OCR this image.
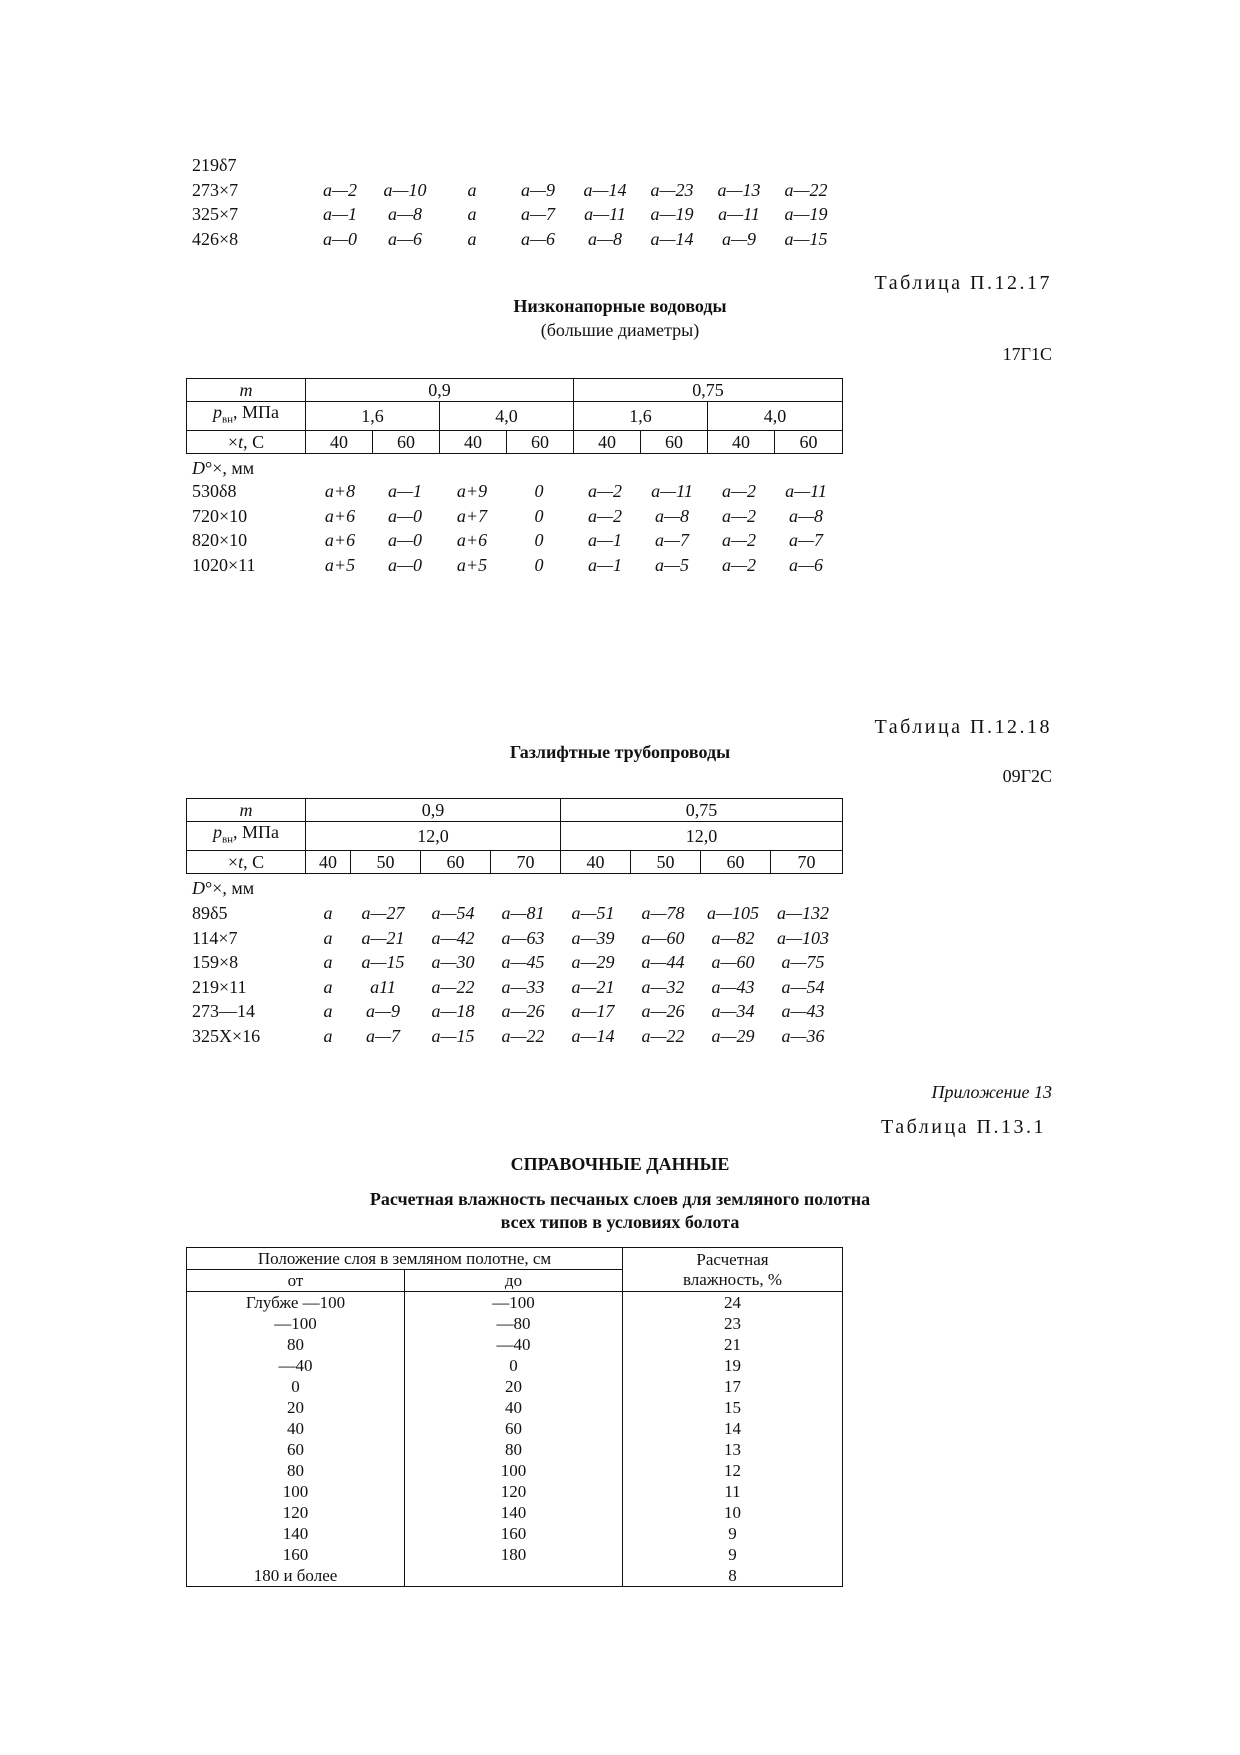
219δ7
273×7	a—2	a—10	a	a—9	a—14	a—23	a—13	a—22
325×7	a—1	a—8	a	a—7	a—11	a—19	a—11	a—19
426×8	a—0	a—6	a	a—6	a—8	a—14	a—9	a—15
Таблица П.12.17
Низконапорные водоводы
(большие диаметры)
17Г1С
m	0,9				0,75			
$p_{вн}$, МПа	1,6		4,0		1,6		4,0	
×t, C	40	60	40	60	40	60	40	60
D°×, мм
530δ8	a+8	a—1	a+9	0	a—2	a—11	a—2	a—11
720×10	a+6	a—0	a+7	0	a—2	a—8	a—2	a—8
820×10	a+6	a—0	a+6	0	a—1	a—7	a—2	a—7
1020×11	a+5	a—0	a+5	0	a—1	a—5	a—2	a—6
Таблица П.12.18
Газлифтные трубопроводы
09Г2С
m	0,9				0,75			
$p_{вн}$, МПа	12,0				12,0			
×t, C	40	50	60	70	40	50	60	70
D°×, мм
89δ5	a	a—27	a—54	a—81	a—51	a—78	a—105 a—132
114×7	a	a—21	a—42	a—63	a—39	a—60	a—82	a—103
159×8	a	a—15	a—30	a—45	a—29	a—44	a—60	a—75
219×11	a	a11	a—22	a—33	a—21	a—32	a—43	a—54
273—14	a	a—9	a—18	a—26	a—17	a—26	a—34	a—43
325Х×16	a	a—7	a—15	a—22	a—14	a—22	a—29	a—36
Приложение 13
Таблица П.13.1
СПРАВОЧНЫЕ ДАННЫЕ
Расчетная влажность песчаных слоев для земляного полотна
всех типов в условиях болота
Положение слоя в земляном полотне, см		Расчетная
влажность, %

от	до	
Глубже —100	—100	24
—100	—80	23
80	—40	21
—40	0	19
0	20	17
20	40	15
40	60	14
60	80	13
80	100	12
100	120	11
120	140	10
140	160	9
160	180	9
180 и более		8
